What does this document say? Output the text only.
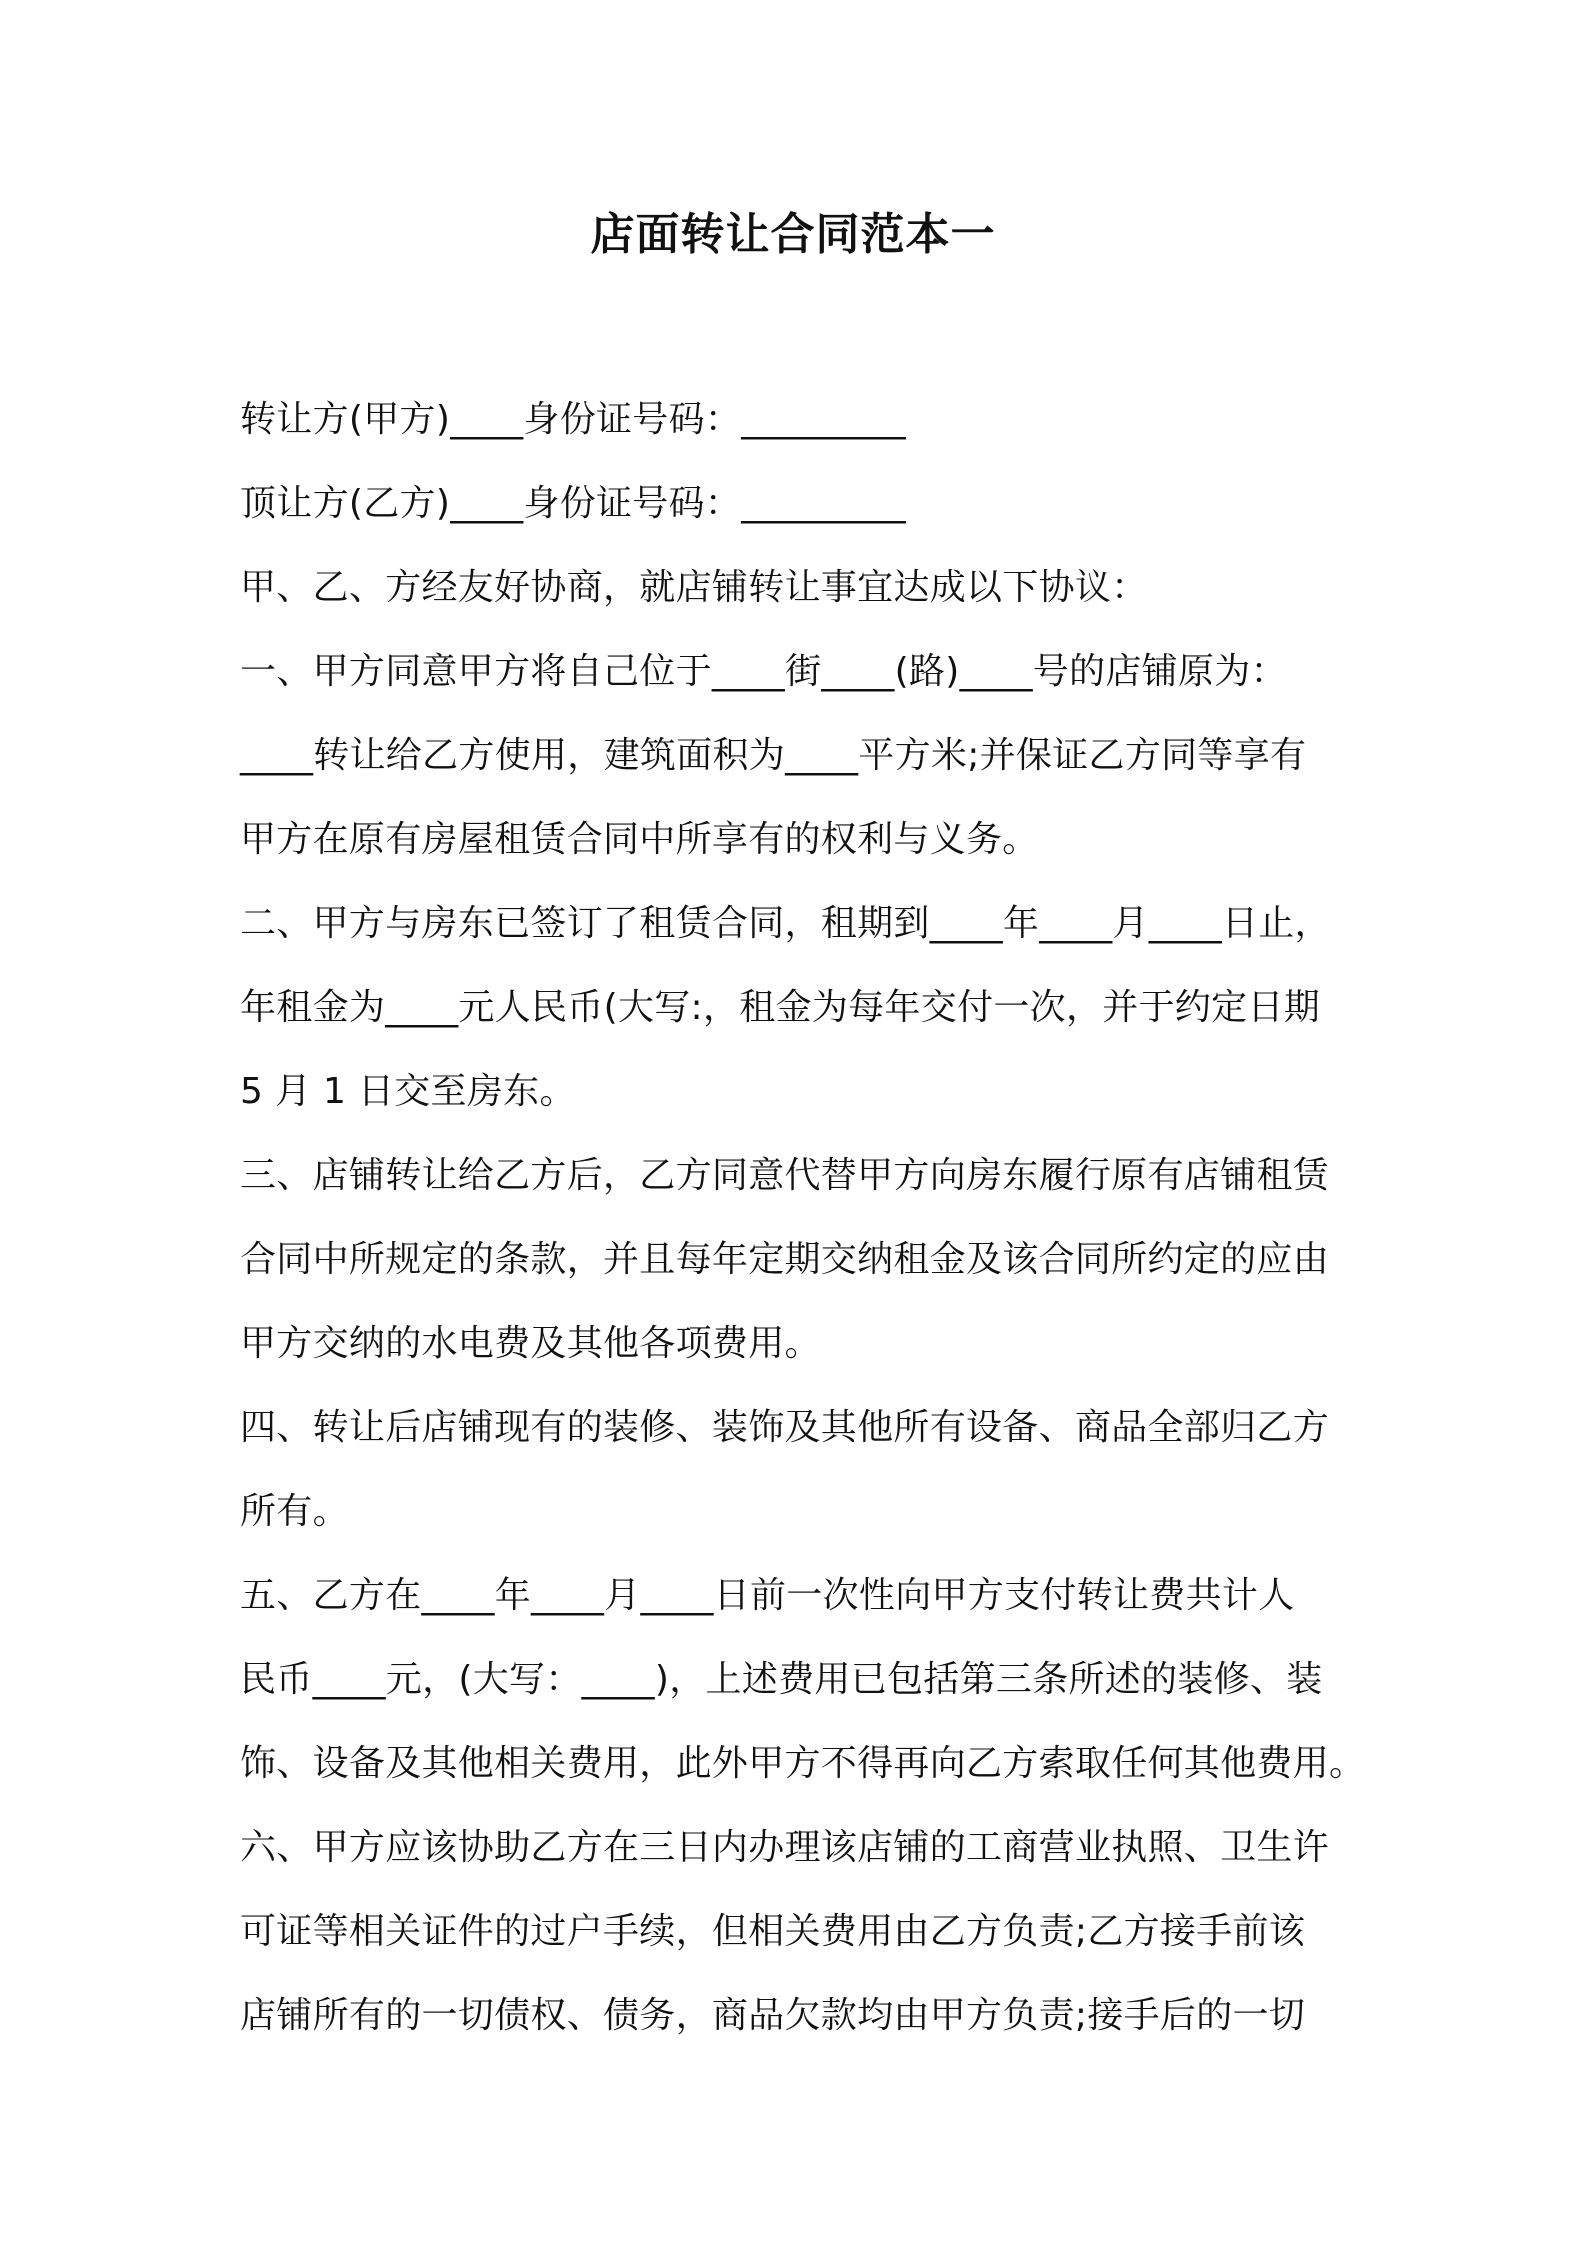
店面转让合同范本一
转让方(甲方)____身份证号码：_________
顶让方(乙方)____身份证号码：_________
甲、乙、方经友好协商，就店铺转让事宜达成以下协议：
一、甲方同意甲方将自己位于____街____(路)____号的店铺原为：
____转让给乙方使用，建筑面积为____平方米;并保证乙方同等享有
甲方在原有房屋租赁合同中所享有的权利与义务。
二、甲方与房东已签订了租赁合同，租期到____年____月____日止，
年租金为____元人民币(大写:，租金为每年交付一次，并于约定日期
5 月 1 日交至房东。
三、店铺转让给乙方后，乙方同意代替甲方向房东履行原有店铺租赁
合同中所规定的条款，并且每年定期交纳租金及该合同所约定的应由
甲方交纳的水电费及其他各项费用。
四、转让后店铺现有的装修、装饰及其他所有设备、商品全部归乙方
所有。
五、乙方在____年____月____日前一次性向甲方支付转让费共计人
民币____元，(大写：____)，上述费用已包括第三条所述的装修、装
饰、设备及其他相关费用，此外甲方不得再向乙方索取任何其他费用。
六、甲方应该协助乙方在三日内办理该店铺的工商营业执照、卫生许
可证等相关证件的过户手续，但相关费用由乙方负责;乙方接手前该
店铺所有的一切债权、债务，商品欠款均由甲方负责;接手后的一切
